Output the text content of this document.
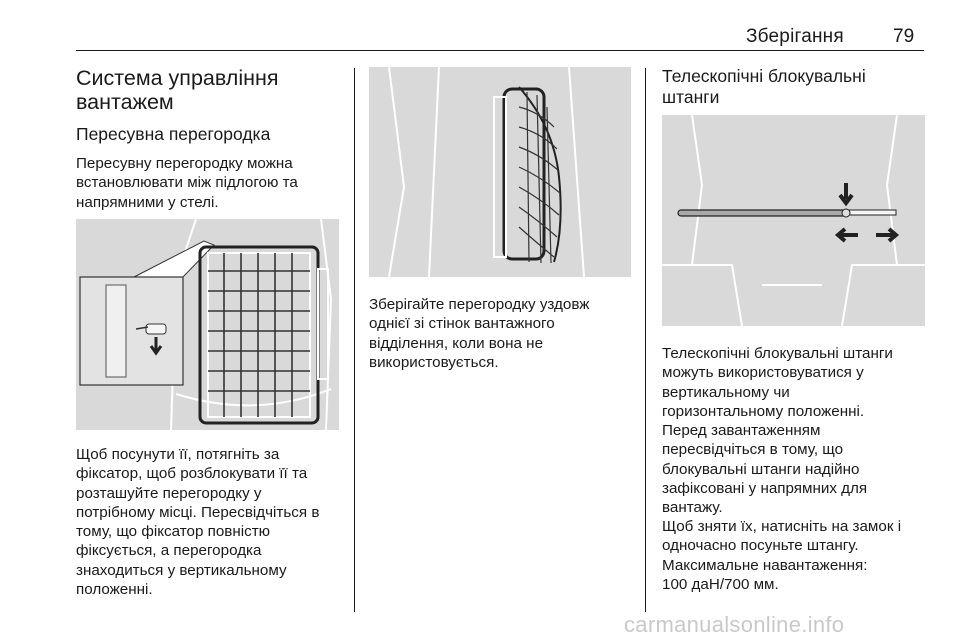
Зберігання	79
Система управління
вантажем
Пересувна перегородка
Пересувну перегородку можна
встановлювати між підлогою та
напрямними у стелі.
Щоб посунути її, потягніть за
фіксатор, щоб розблокувати її та
розташуйте перегородку у
потрібному місці. Пересвідчіться в
тому, що фіксатор повністю
фіксується, а перегородка
знаходиться у вертикальному
положенні.
Зберігайте перегородку уздовж
однієї зі стінок вантажного
відділення, коли вона не
використовується.
Телескопічні блокувальні
штанги
Телескопічні блокувальні штанги
можуть використовуватися у
вертикальному чи
горизонтальному положенні.
Перед завантаженням
пересвідчіться в тому, що
блокувальні штанги надійно
зафіксовані у напрямних для
вантажу.
Щоб зняти їх, натисніть на замок і
одночасно посуньте штангу.
Максимальне навантаження:
100 даН/700 мм.
carmanualsonline.info
